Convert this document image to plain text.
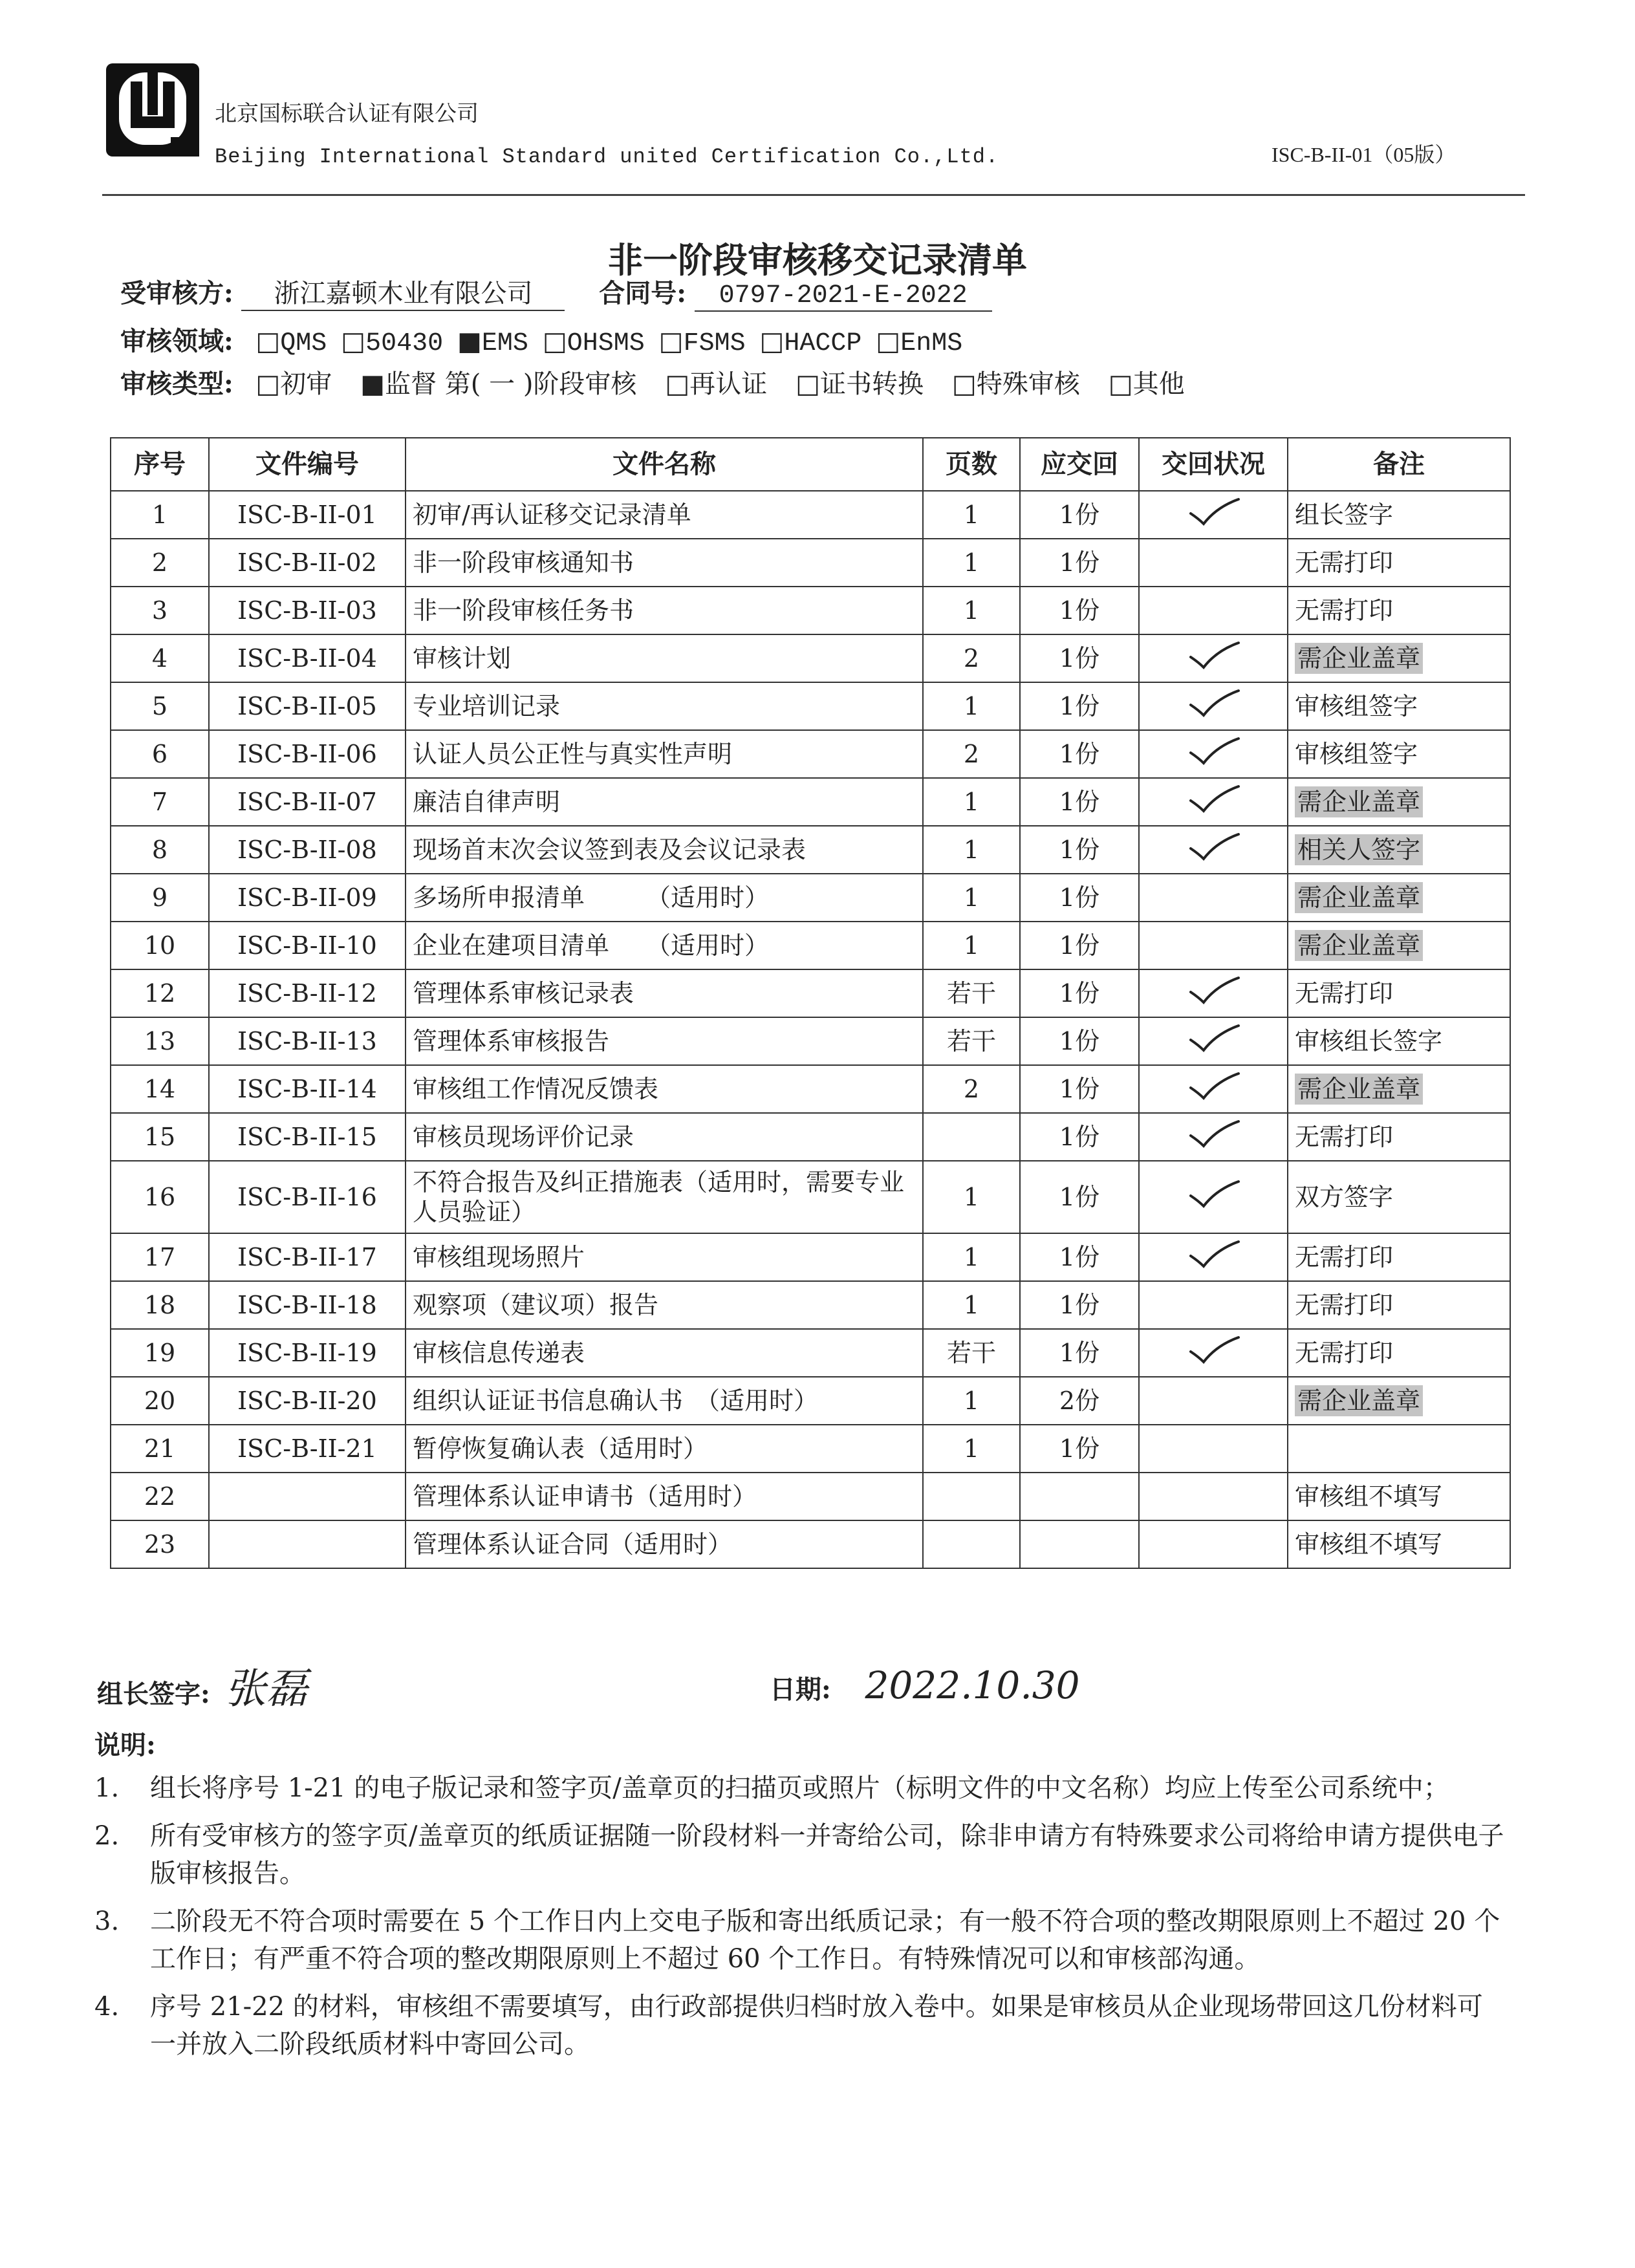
北京国标联合认证有限公司
Beijing International Standard united Certification Co.,Ltd.	ISC-B-II-01（05版）
非一阶段审核移交记录清单
受审核方: 浙江嘉顿木业有限公司	合同号: 0797-2021-E-2022
审核领域: □QMS □50430 ■EMS □OHSMS □FSMS □HACCP □EnMS
审核类型: □初审 ■监督 第( 一 )阶段审核 □再认证 □证书转换 □特殊审核 □其他
序号	文件编号	文件名称	页数	应交回	交回状况	备注
1	ISC-B-II-01	初审/再认证移交记录清单	1	1份		组长签字
2	ISC-B-II-02	非一阶段审核通知书	1	1份		无需打印
3	ISC-B-II-03	非一阶段审核任务书	1	1份		无需打印
4	ISC-B-II-04	审核计划	2	1份		需企业盖章
5	ISC-B-II-05	专业培训记录	1	1份		审核组签字
6	ISC-B-II-06	认证人员公正性与真实性声明	2	1份		审核组签字
7	ISC-B-II-07	廉洁自律声明	1	1份		需企业盖章
8	ISC-B-II-08	现场首末次会议签到表及会议记录表	1	1份		相关人签字
9	ISC-B-II-09	多场所申报清单　　　（适用时）	1	1份		需企业盖章
10	ISC-B-II-10	企业在建项目清单　　（适用时）	1	1份		需企业盖章
12	ISC-B-II-12	管理体系审核记录表	若干	1份		无需打印
13	ISC-B-II-13	管理体系审核报告	若干	1份		审核组长签字
14	ISC-B-II-14	审核组工作情况反馈表	2	1份		需企业盖章
15	ISC-B-II-15	审核员现场评价记录		1份		无需打印
16	ISC-B-II-16	不符合报告及纠正措施表（适用时，需要专业人员验证）	1	1份		双方签字
17	ISC-B-II-17	审核组现场照片	1	1份		无需打印
18	ISC-B-II-18	观察项（建议项）报告	1	1份		无需打印
19	ISC-B-II-19	审核信息传递表	若干	1份		无需打印
20	ISC-B-II-20	组织认证证书信息确认书　（适用时）	1	2份		需企业盖章
21	ISC-B-II-21	暂停恢复确认表（适用时）	1	1份		
22		管理体系认证申请书（适用时）				审核组不填写
23		管理体系认证合同（适用时）				审核组不填写
组长签字: 张磊	日期: 2022.10.30
说明:
1.	组长将序号 1-21 的电子版记录和签字页/盖章页的扫描页或照片（标明文件的中文名称）均应上传至公司系统中；
2.	所有受审核方的签字页/盖章页的纸质证据随一阶段材料一并寄给公司，除非申请方有特殊要求公司将给申请方提供电子版审核报告。
3.	二阶段无不符合项时需要在 5 个工作日内上交电子版和寄出纸质记录；有一般不符合项的整改期限原则上不超过 20 个工作日；有严重不符合项的整改期限原则上不超过 60 个工作日。有特殊情况可以和审核部沟通。
4.	序号 21-22 的材料，审核组不需要填写，由行政部提供归档时放入卷中。如果是审核员从企业现场带回这几份材料可一并放入二阶段纸质材料中寄回公司。
